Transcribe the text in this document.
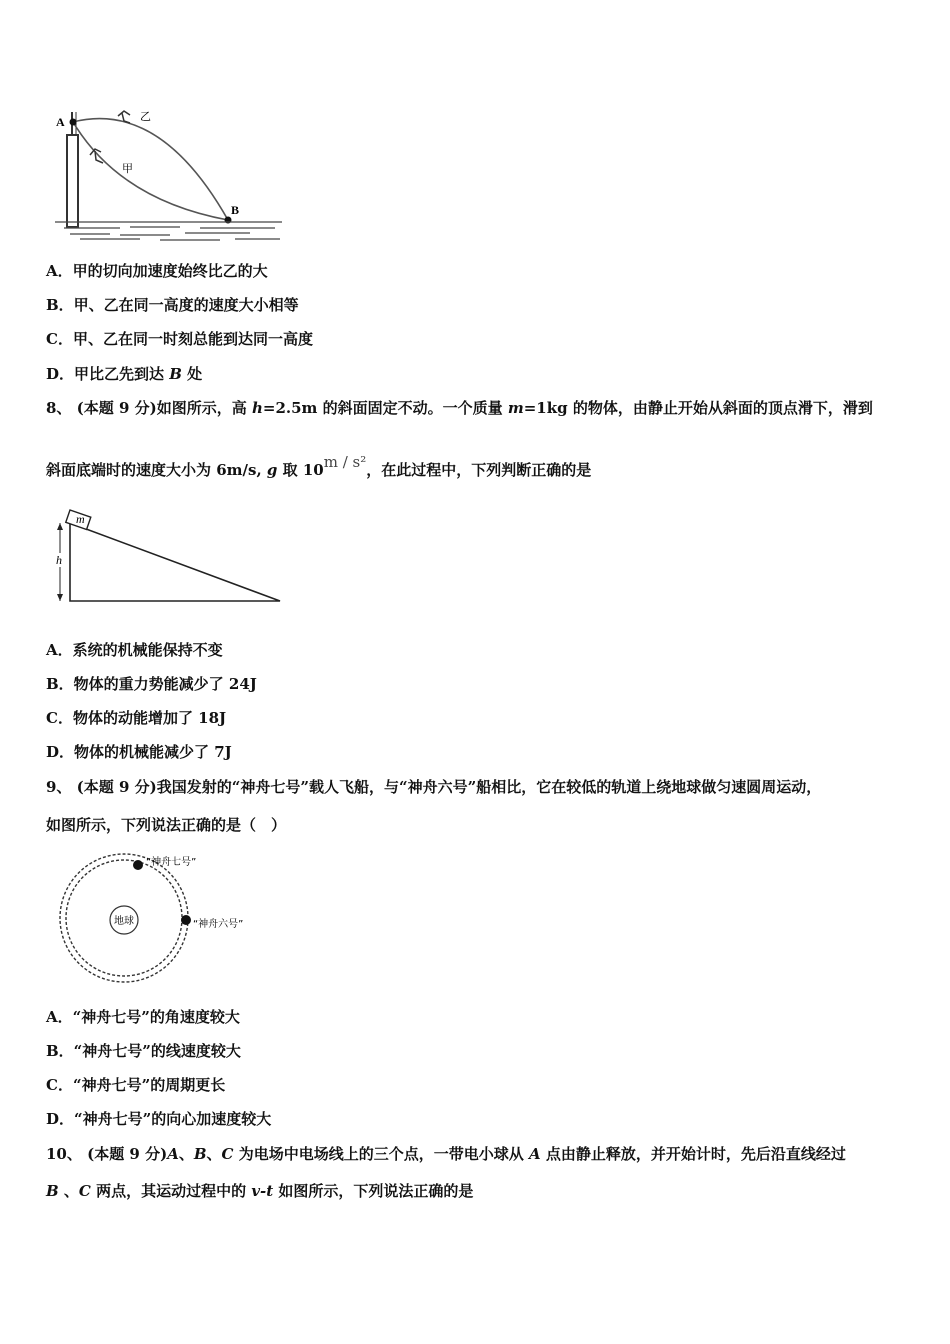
A
B
乙
甲
A．甲的切向加速度始终比乙的大
B．甲、乙在同一高度的速度大小相等
C．甲、乙在同一时刻总能到达同一高度
D．甲比乙先到达 B 处
8、 (本题 9 分)如图所示，高 h=2.5m 的斜面固定不动。一个质量 m=1kg 的物体，由静止开始从斜面的顶点滑下，滑到
斜面底端时的速度大小为 6m/s, g 取 10m / s²，在此过程中，下列判断正确的是
m
h
A．系统的机械能保持不变
B．物体的重力势能减少了 24J
C．物体的动能增加了 18J
D．物体的机械能减少了 7J
9、 (本题 9 分)我国发射的“神舟七号”载人飞船，与“神舟六号”船相比，它在较低的轨道上绕地球做匀速圆周运动，
如图所示，下列说法正确的是（　）
地球
“神舟七号”
“神舟六号”
A．“神舟七号”的角速度较大
B．“神舟七号”的线速度较大
C．“神舟七号”的周期更长
D．“神舟七号”的向心加速度较大
10、 (本题 9 分)A、B、C 为电场中电场线上的三个点，一带电小球从 A 点由静止释放，并开始计时，先后沿直线经过
B 、C 两点，其运动过程中的 v-t 如图所示，下列说法正确的是
